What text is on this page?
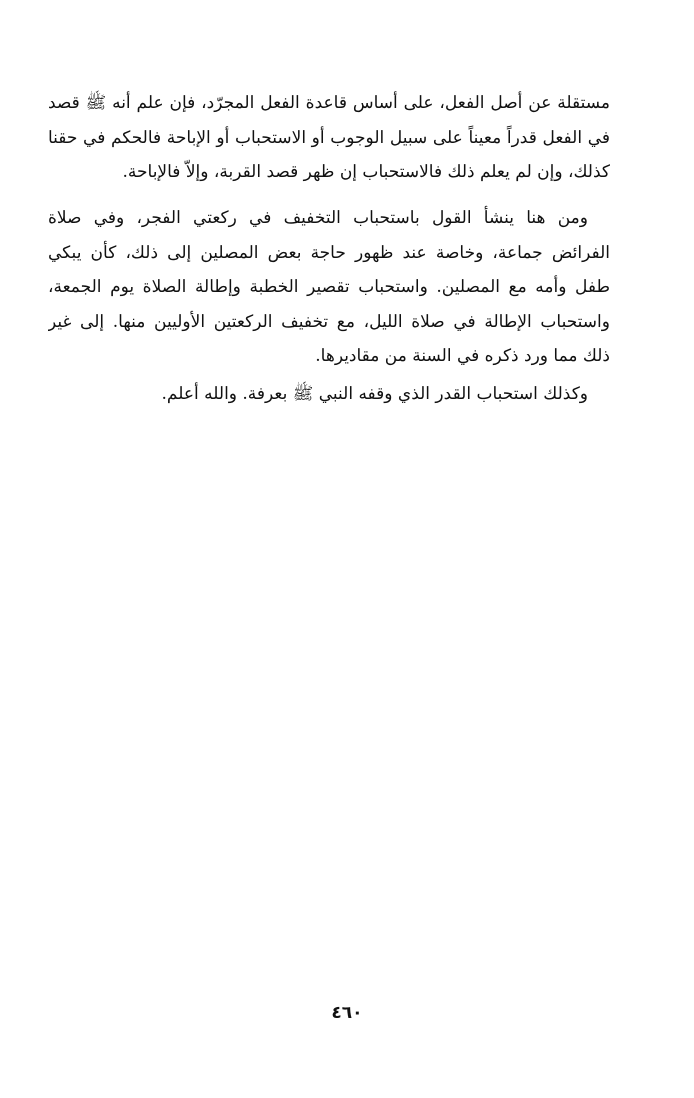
مستقلة عن أصل الفعل، على أساس قاعدة الفعل المجرّد، فإن علم أنه ﷺ قصد
في الفعل قدراً معيناً على سبيل الوجوب أو الاستحباب أو الإباحة فالحكم في حقنا
كذلك، وإن لم يعلم ذلك فالاستحباب إن ظهر قصد القربة، وإلاّ فالإباحة.
ومن هنا ينشأ القول باستحباب التخفيف في ركعتي الفجر، وفي صلاة
الفرائض جماعة، وخاصة عند ظهور حاجة بعض المصلين إلى ذلك، كأن يبكي
طفل وأمه مع المصلين. واستحباب تقصير الخطبة وإطالة الصلاة يوم الجمعة،
واستحباب الإطالة في صلاة الليل، مع تخفيف الركعتين الأوليين منها. إلى غير
ذلك مما ورد ذكره في السنة من مقاديرها.
وكذلك استحباب القدر الذي وقفه النبي ﷺ بعرفة. والله أعلم.
٤٦٠
